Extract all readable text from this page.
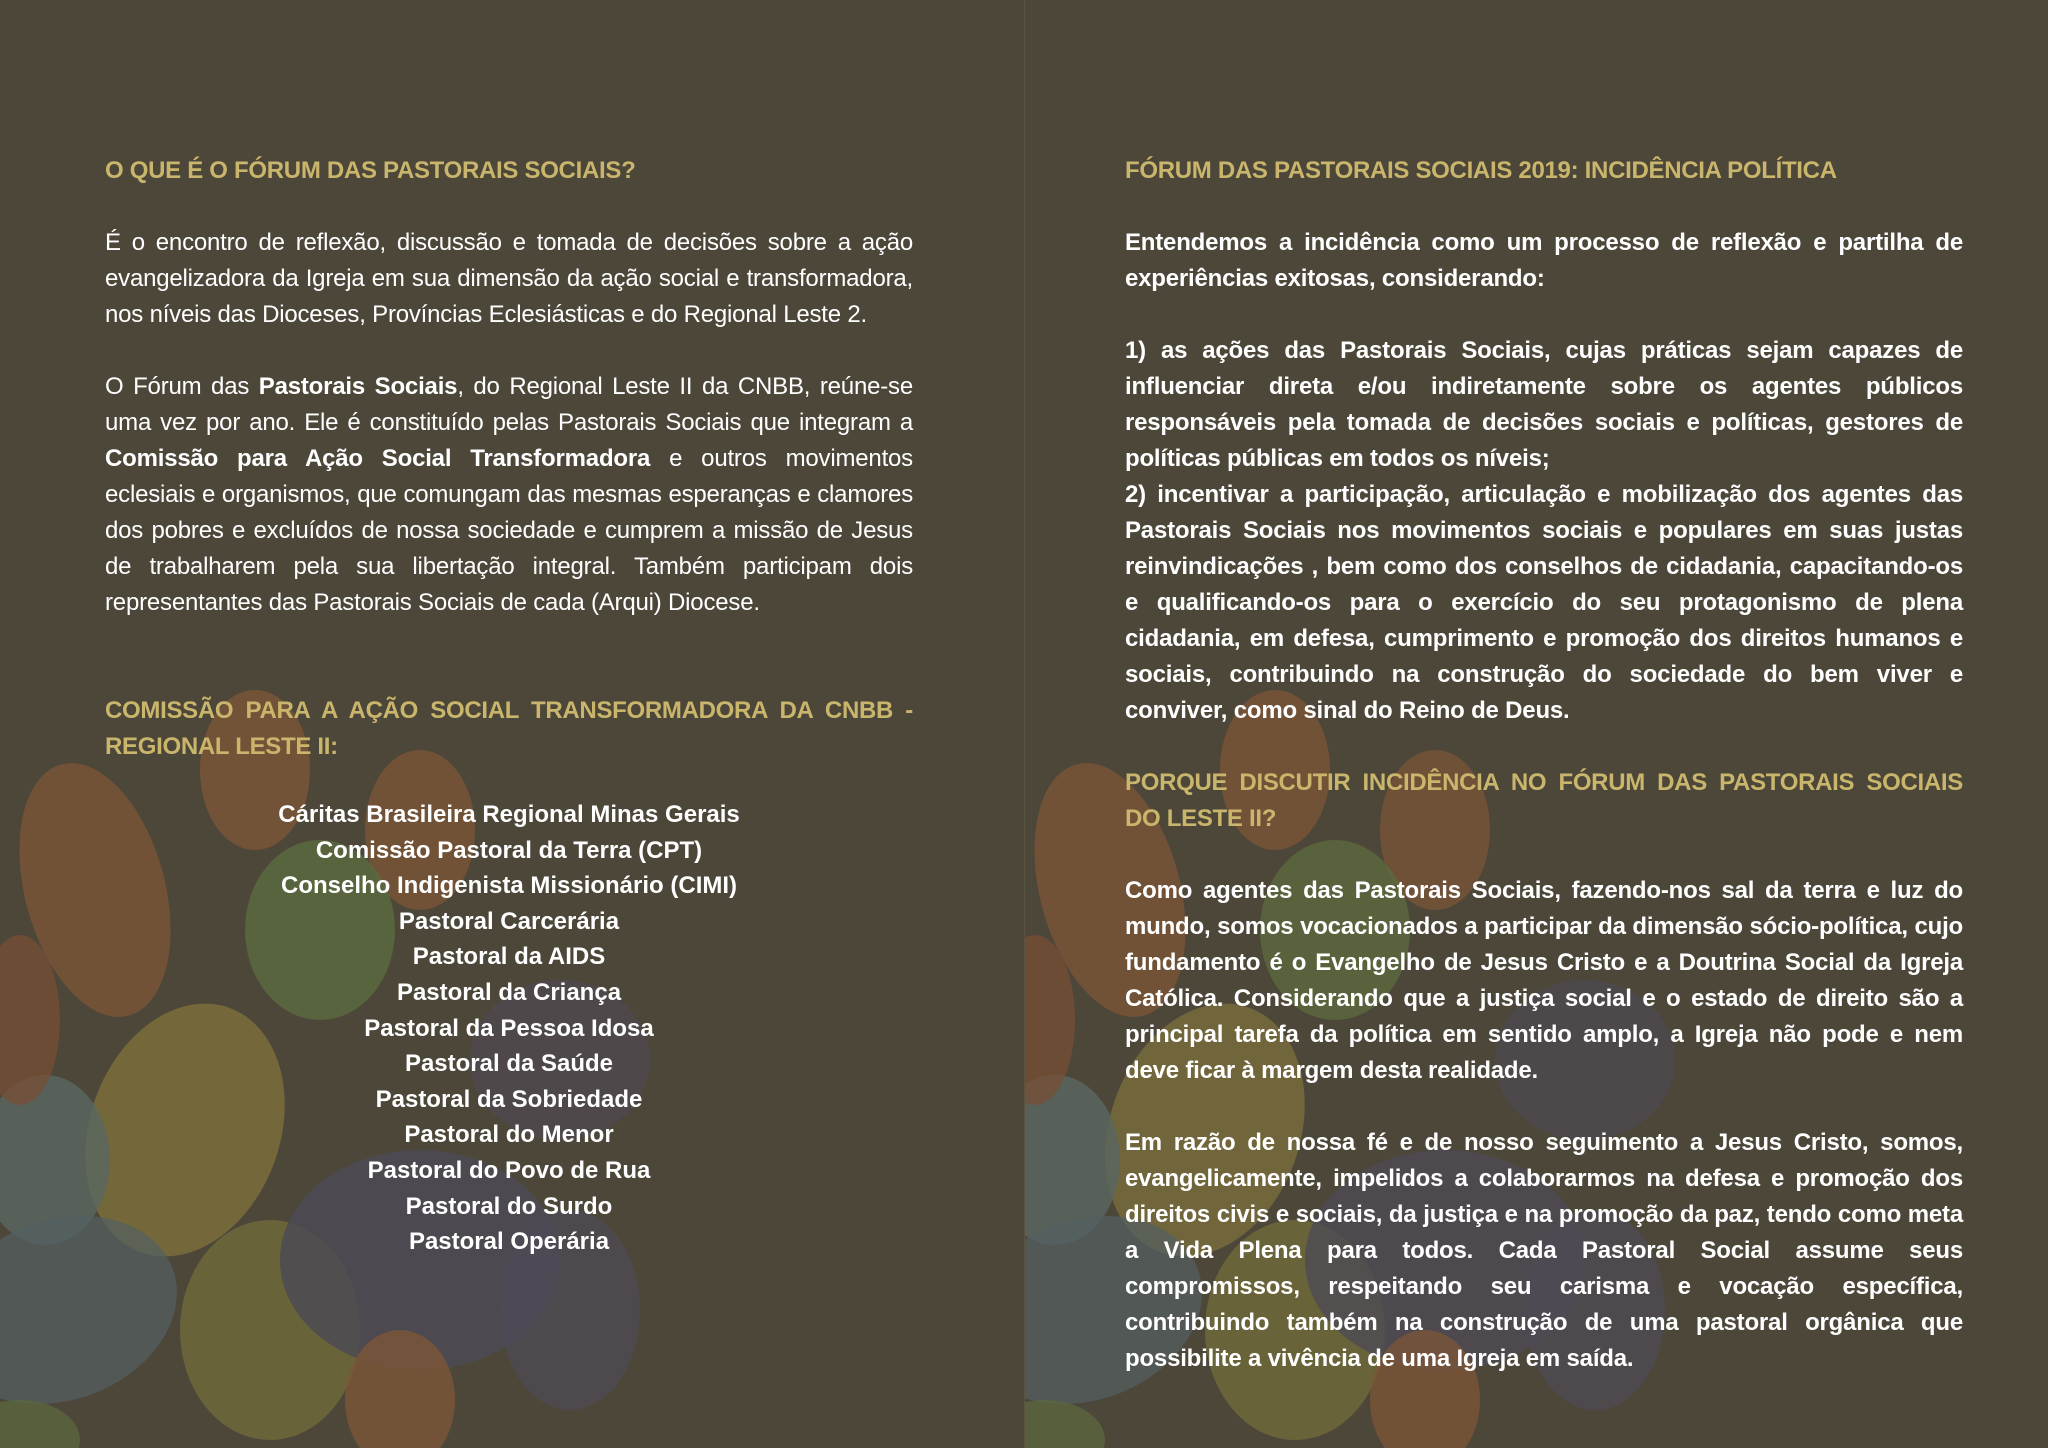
O QUE É O FÓRUM DAS PASTORAIS SOCIAIS?

É o encontro de reflexão, discussão e tomada de decisões sobre a ação evangelizadora da Igreja em sua dimensão da ação social e transformadora, nos níveis das Dioceses, Províncias Eclesiásticas e do Regional Leste 2.

O Fórum das Pastorais Sociais, do Regional Leste II da CNBB, reúne-se uma vez por ano. Ele é constituído pelas Pastorais Sociais que integram a Comissão para Ação Social Transformadora e outros movimentos eclesiais e organismos, que comungam das mesmas esperanças e clamores dos pobres e excluídos de nossa sociedade e cumprem a missão de Jesus de trabalharem pela sua libertação integral. Também participam dois representantes das Pastorais Sociais de cada (Arqui) Diocese.

COMISSÃO PARA A AÇÃO SOCIAL TRANSFORMADORA DA CNBB - REGIONAL LESTE II:
Cáritas Brasileira Regional Minas Gerais
Comissão Pastoral da Terra (CPT)
Conselho Indigenista Missionário (CIMI)
Pastoral Carcerária
Pastoral da AIDS
Pastoral da Criança
Pastoral da Pessoa Idosa
Pastoral da Saúde
Pastoral da Sobriedade
Pastoral do Menor
Pastoral do Povo de Rua
Pastoral do Surdo
Pastoral Operária
FÓRUM DAS PASTORAIS SOCIAIS 2019: INCIDÊNCIA POLÍTICA

Entendemos a incidência como um processo de reflexão e partilha de experiências exitosas, considerando:

1) as ações das Pastorais Sociais, cujas práticas sejam capazes de influenciar direta e/ou indiretamente sobre os agentes públicos responsáveis pela tomada de decisões sociais e políticas, gestores de políticas públicas em todos os níveis;

2) incentivar a participação, articulação e mobilização dos agentes das Pastorais Sociais nos movimentos sociais e populares em suas justas reinvindicações , bem como dos conselhos de cidadania, capacitando-os e qualificando-os para o exercício do seu protagonismo de plena cidadania, em defesa, cumprimento e promoção dos direitos humanos e sociais, contribuindo na construção do sociedade do bem viver e conviver, como sinal do Reino de Deus.

PORQUE DISCUTIR INCIDÊNCIA NO FÓRUM DAS PASTORAIS SOCIAIS DO LESTE II?

Como agentes das Pastorais Sociais, fazendo-nos sal da terra e luz do mundo, somos vocacionados a participar da dimensão sócio-política, cujo fundamento é o Evangelho de Jesus Cristo e a Doutrina Social da Igreja Católica. Considerando que a justiça social e o estado de direito são a principal tarefa da política em sentido amplo, a Igreja não pode e nem deve ficar à margem desta realidade.

Em razão de nossa fé e de nosso seguimento a Jesus Cristo, somos, evangelicamente, impelidos a colaborarmos na defesa e promoção dos direitos civis e sociais, da justiça e na promoção da paz, tendo como meta a Vida Plena para todos. Cada Pastoral Social assume seus compromissos, respeitando seu carisma e vocação específica, contribuindo também na construção de uma pastoral orgânica que possibilite a vivência de uma Igreja em saída.
